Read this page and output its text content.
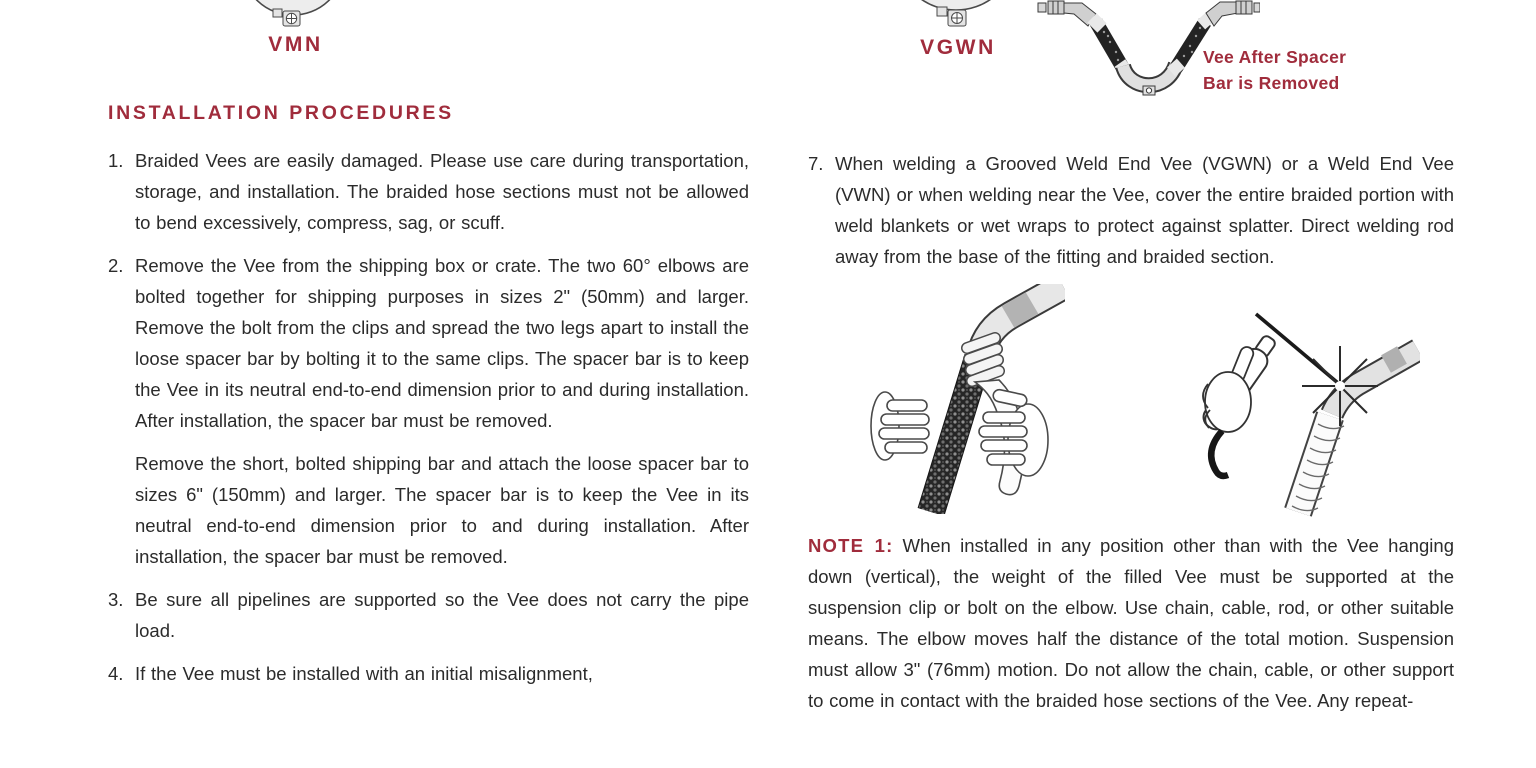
VMN	VGWN	Vee After Spacer
Bar is Removed
INSTALLATION PROCEDURES
1. Braided Vees are easily damaged. Please use care during transportation, storage, and installation. The braided hose sections must not be allowed to bend excessively, compress, sag, or scuff.
2. Remove the Vee from the shipping box or crate. The two 60° elbows are bolted together for shipping purposes in sizes 2" (50mm) and larger. Remove the bolt from the clips and spread the two legs apart to install the loose spacer bar by bolting it to the same clips. The spacer bar is to keep the Vee in its neutral end-to-end dimension prior to and during installation. After installation, the spacer bar must be removed.
Remove the short, bolted shipping bar and attach the loose spacer bar to sizes 6" (150mm) and larger. The spacer bar is to keep the Vee in its neutral end-to-end dimension prior to and during installation. After installation, the spacer bar must be removed.
3. Be sure all pipelines are supported so the Vee does not carry the pipe load.
4. If the Vee must be installed with an initial misalignment,
7. When welding a Grooved Weld End Vee (VGWN) or a Weld End Vee (VWN) or when welding near the Vee, cover the entire braided portion with weld blankets or wet wraps to protect against splatter. Direct welding rod away from the base of the fitting and braided section.

NOTE 1: When installed in any position other than with the Vee hanging down (vertical), the weight of the filled Vee must be supported at the suspension clip or bolt on the elbow. Use chain, cable, rod, or other suitable means. The elbow moves half the distance of the total motion. Suspension must allow 3" (76mm) motion. Do not allow the chain, cable, or other support to come in contact with the braided hose sections of the Vee. Any repeat-
